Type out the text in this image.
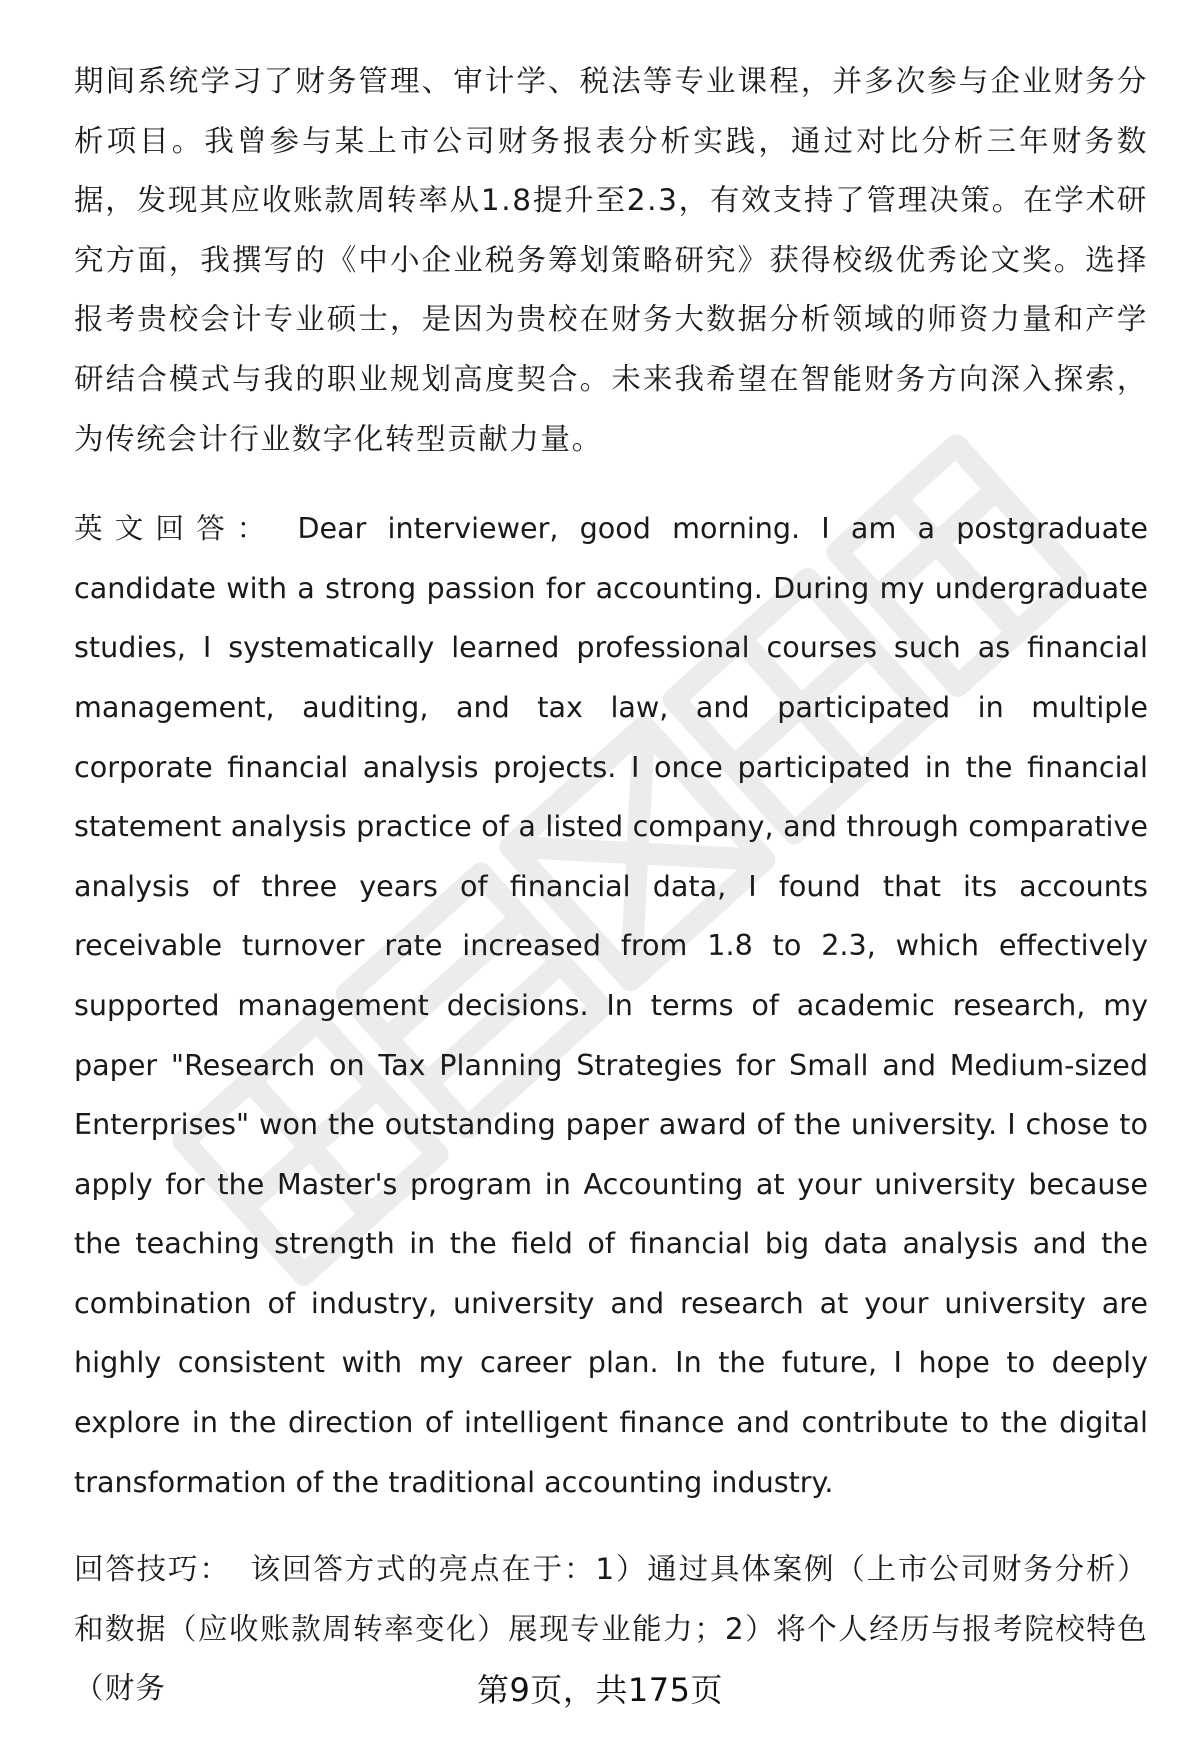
期间系统学习了财务管理、审计学、税法等专业课程，并多次参与企业财务分析项目。我曾参与某上市公司财务报表分析实践，通过对比分析三年财务数据，发现其应收账款周转率从1.8提升至2.3，有效支持了管理决策。在学术研究方面，我撰写的《中小企业税务筹划策略研究》获得校级优秀论文奖。选择报考贵校会计专业硕士，是因为贵校在财务大数据分析领域的师资力量和产学研结合模式与我的职业规划高度契合。未来我希望在智能财务方向深入探索，为传统会计行业数字化转型贡献力量。

英文回答： Dear interviewer, good morning. I am a postgraduate candidate with a strong passion for accounting. During my undergraduate studies, I systematically learned professional courses such as financial management, auditing, and tax law, and participated in multiple corporate financial analysis projects. I once participated in the financial statement analysis practice of a listed company, and through comparative analysis of three years of financial data, I found that its accounts receivable turnover rate increased from 1.8 to 2.3, which effectively supported management decisions. In terms of academic research, my paper "Research on Tax Planning Strategies for Small and Medium-sized Enterprises" won the outstanding paper award of the university. I chose to apply for the Master's program in Accounting at your university because the teaching strength in the field of financial big data analysis and the combination of industry, university and research at your university are highly consistent with my career plan. In the future, I hope to deeply explore in the direction of intelligent finance and contribute to the digital transformation of the traditional accounting industry.

回答技巧： 该回答方式的亮点在于：1）通过具体案例（上市公司财务分析）和数据（应收账款周转率变化）展现专业能力；2）将个人经历与报考院校特色（财务	第9页，共175页
